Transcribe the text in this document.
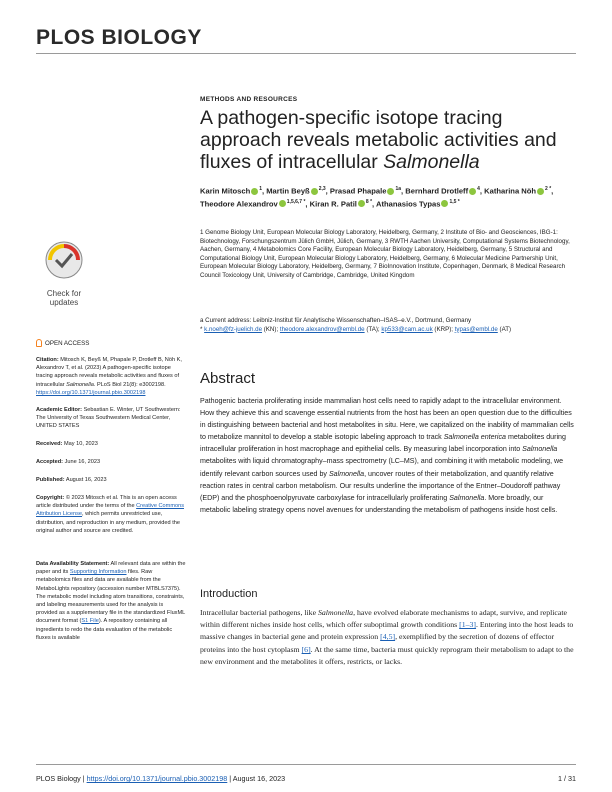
PLOS BIOLOGY
METHODS AND RESOURCES
A pathogen-specific isotope tracing approach reveals metabolic activities and fluxes of intracellular Salmonella
Karin Mitosch $^1$, Martin Beyß $^{2,3}$, Prasad Phapale $^{1a}$, Bernhard Drotleff $^4$, Katharina Nöh $^{2 *}$, Theodore Alexandrov $^{1,5,6,7 *}$, Kiran R. Patil $^{8 *}$, Athanasios Typas $^{1,5 *}$
1 Genome Biology Unit, European Molecular Biology Laboratory, Heidelberg, Germany, 2 Institute of Bio- and Geosciences, IBG-1: Biotechnology, Forschungszentrum Jülich GmbH, Jülich, Germany, 3 RWTH Aachen University, Computational Systems Biotechnology, Aachen, Germany, 4 Metabolomics Core Facility, European Molecular Biology Laboratory, Heidelberg, Germany, 5 Structural and Computational Biology Unit, European Molecular Biology Laboratory, Heidelberg, Germany, 6 Molecular Medicine Partnership Unit, European Molecular Biology Laboratory, Heidelberg, Germany, 7 BioInnovation Institute, Copenhagen, Denmark, 8 Medical Research Council Toxicology Unit, University of Cambridge, Cambridge, United Kingdom
a Current address: Leibniz-Institut für Analytische Wissenschaften–ISAS–e.V., Dortmund, Germany
* k.noeh@fz-juelich.de (KN); theodore.alexandrov@embl.de (TA); kp533@cam.ac.uk (KRP); typas@embl.de (AT)
Abstract
Pathogenic bacteria proliferating inside mammalian host cells need to rapidly adapt to the intracellular environment. How they achieve this and scavenge essential nutrients from the host has been an open question due to the difficulties in distinguishing between bacterial and host metabolites in situ. Here, we capitalized on the inability of mammalian cells to metabolize mannitol to develop a stable isotopic labeling approach to track Salmonella enterica metabolites during intracellular proliferation in host macrophage and epithelial cells. By measuring label incorporation into Salmonella metabolites with liquid chromatography–mass spectrometry (LC–MS), and combining it with metabolic modeling, we identify relevant carbon sources used by Salmonella, uncover routes of their metabolization, and quantify relative reaction rates in central carbon metabolism. Our results underline the importance of the Entner–Doudoroff pathway (EDP) and the phosphoenolpyruvate carboxylase for intracellularly proliferating Salmonella. More broadly, our metabolic labeling strategy opens novel avenues for understanding the metabolism of pathogens inside host cells.
Introduction
Intracellular bacterial pathogens, like Salmonella, have evolved elaborate mechanisms to adapt, survive, and replicate within different niches inside host cells, which offer suboptimal growth conditions [1–3]. Entering into the host leads to massive changes in bacterial gene and protein expression [4,5], exemplified by the secretion of dozens of effector proteins into the host cytoplasm [6]. At the same time, bacteria must quickly reprogram their metabolism to adapt to the new environment and the metabolites it offers, restricts, or lacks.
Check for
updates
OPEN ACCESS
Citation: Mitosch K, Beyß M, Phapale P, Drotleff B, Nöh K, Alexandrov T, et al. (2023) A pathogen-specific isotope tracing approach reveals metabolic activities and fluxes of intracellular Salmonella. PLoS Biol 21(8): e3002198. https://doi.org/10.1371/journal.pbio.3002198
Academic Editor: Sebastian E. Winter, UT Southwestern: The University of Texas Southwestern Medical Center, UNITED STATES
Received: May 10, 2023
Accepted: June 16, 2023
Published: August 16, 2023
Copyright: © 2023 Mitosch et al. This is an open access article distributed under the terms of the Creative Commons Attribution License, which permits unrestricted use, distribution, and reproduction in any medium, provided the original author and source are credited.
Data Availability Statement: All relevant data are within the paper and its Supporting Information files. Raw metabolomics files and data are available from the MetaboLights repository (accession number MTBLS7375). The metabolic model including atom transitions, constraints, and labeling measurements used for the analysis is provided as a supplementary file in the standardized FluxML document format (S1 File). A repository containing all ingredients to redo the data evaluation of the metabolic fluxes is available
PLOS Biology | https://doi.org/10.1371/journal.pbio.3002198 | August 16, 2023	1 / 31
